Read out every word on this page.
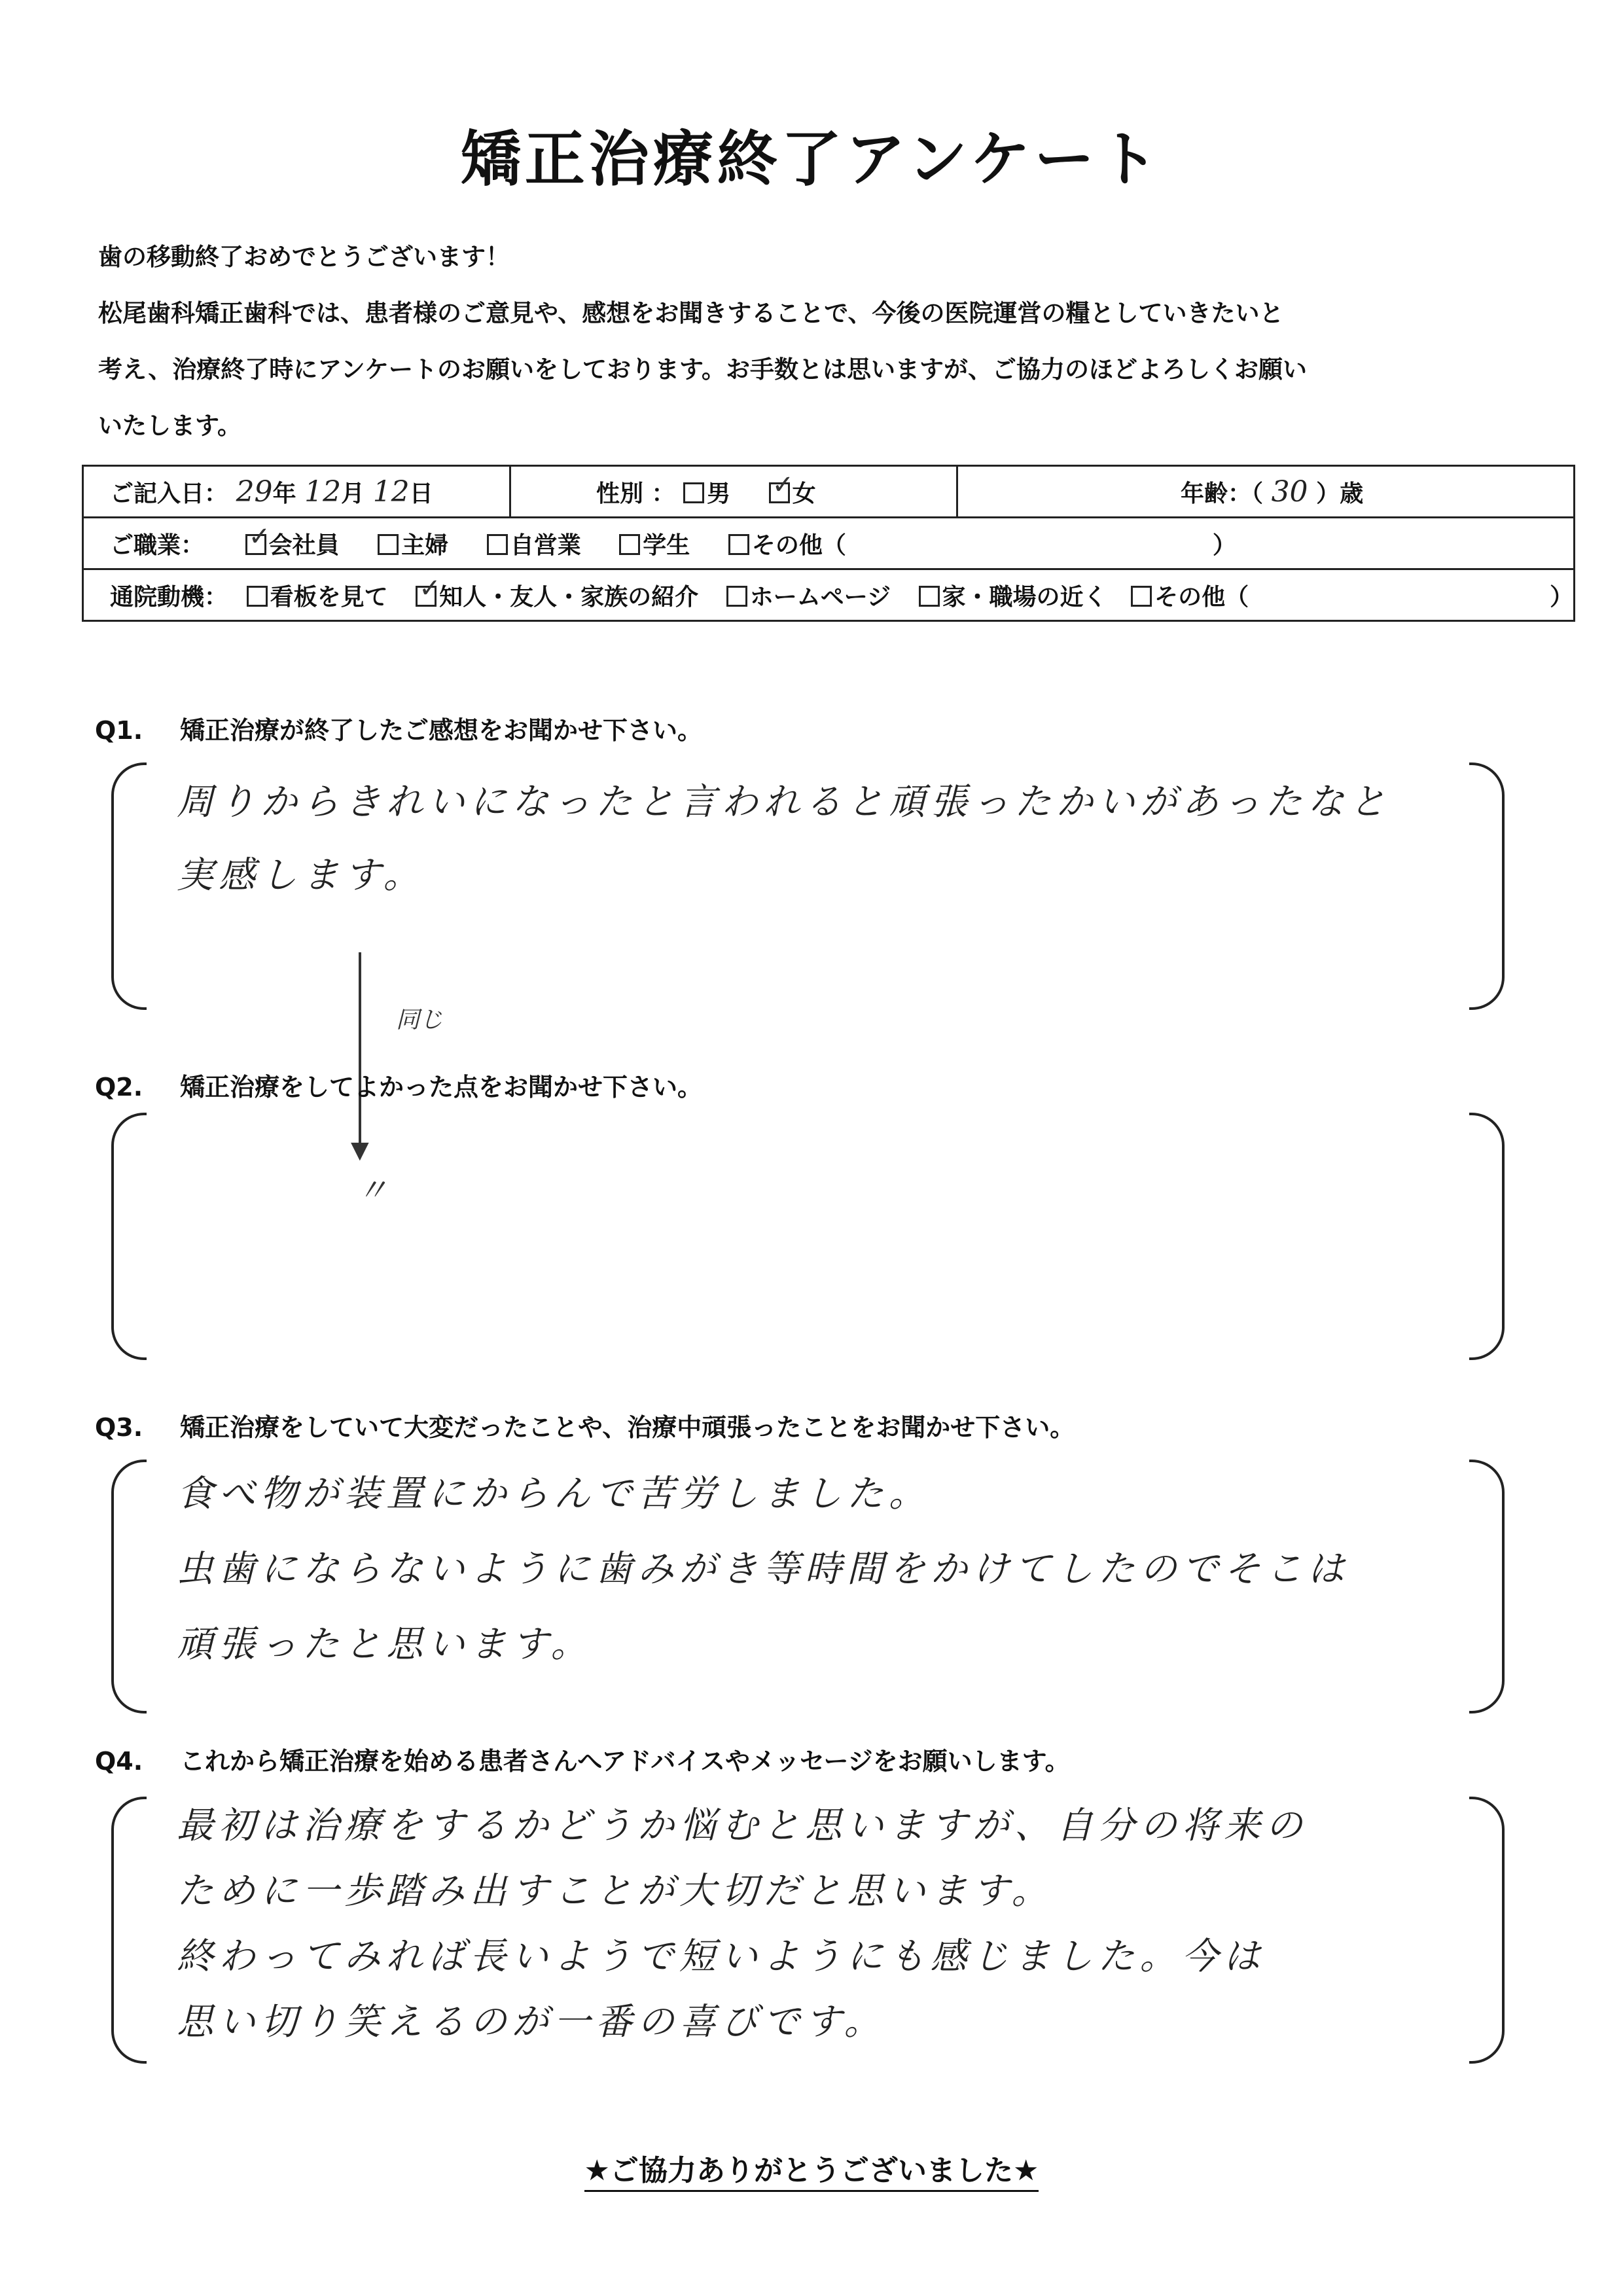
矯正治療終了アンケート

歯の移動終了おめでとうございます！

松尾歯科矯正歯科では、患者様のご意見や、感想をお聞きすることで、今後の医院運営の糧としていきたいと

考え、治療終了時にアンケートのお願いをしております。お手数とは思いますが、ご協力のほどよろしくお願い

いたします。

ご記入日： 29年 12月 12日	性別 ： 男 ✓	女	年齢：（ 30 ）歳
ご職業： ✓	会社員	主婦	自営業	学生	その他（	）
通院動機： 看板を見て ✓ 知人・友人・家族の紹介 ホームページ 家・職場の近く その他（	）
Q1. 矯正治療が終了したご感想をお聞かせ下さい。

周りからきれいになったと言われると頑張ったかいがあったなと

実感します。

▼
同じ
Q2. 矯正治療をしてよかった点をお聞かせ下さい。
〃
Q3. 矯正治療をしていて大変だったことや、治療中頑張ったことをお聞かせ下さい。

食べ物が装置にからんで苦労しました。

虫歯にならないように歯みがき等時間をかけてしたのでそこは

頑張ったと思います。

Q4. これから矯正治療を始める患者さんへアドバイスやメッセージをお願いします。

最初は治療をするかどうか悩むと思いますが、自分の将来の

ために一歩踏み出すことが大切だと思います。

終わってみれば長いようで短いようにも感じました。今は

思い切り笑えるのが一番の喜びです。

★ご協力ありがとうございました★
